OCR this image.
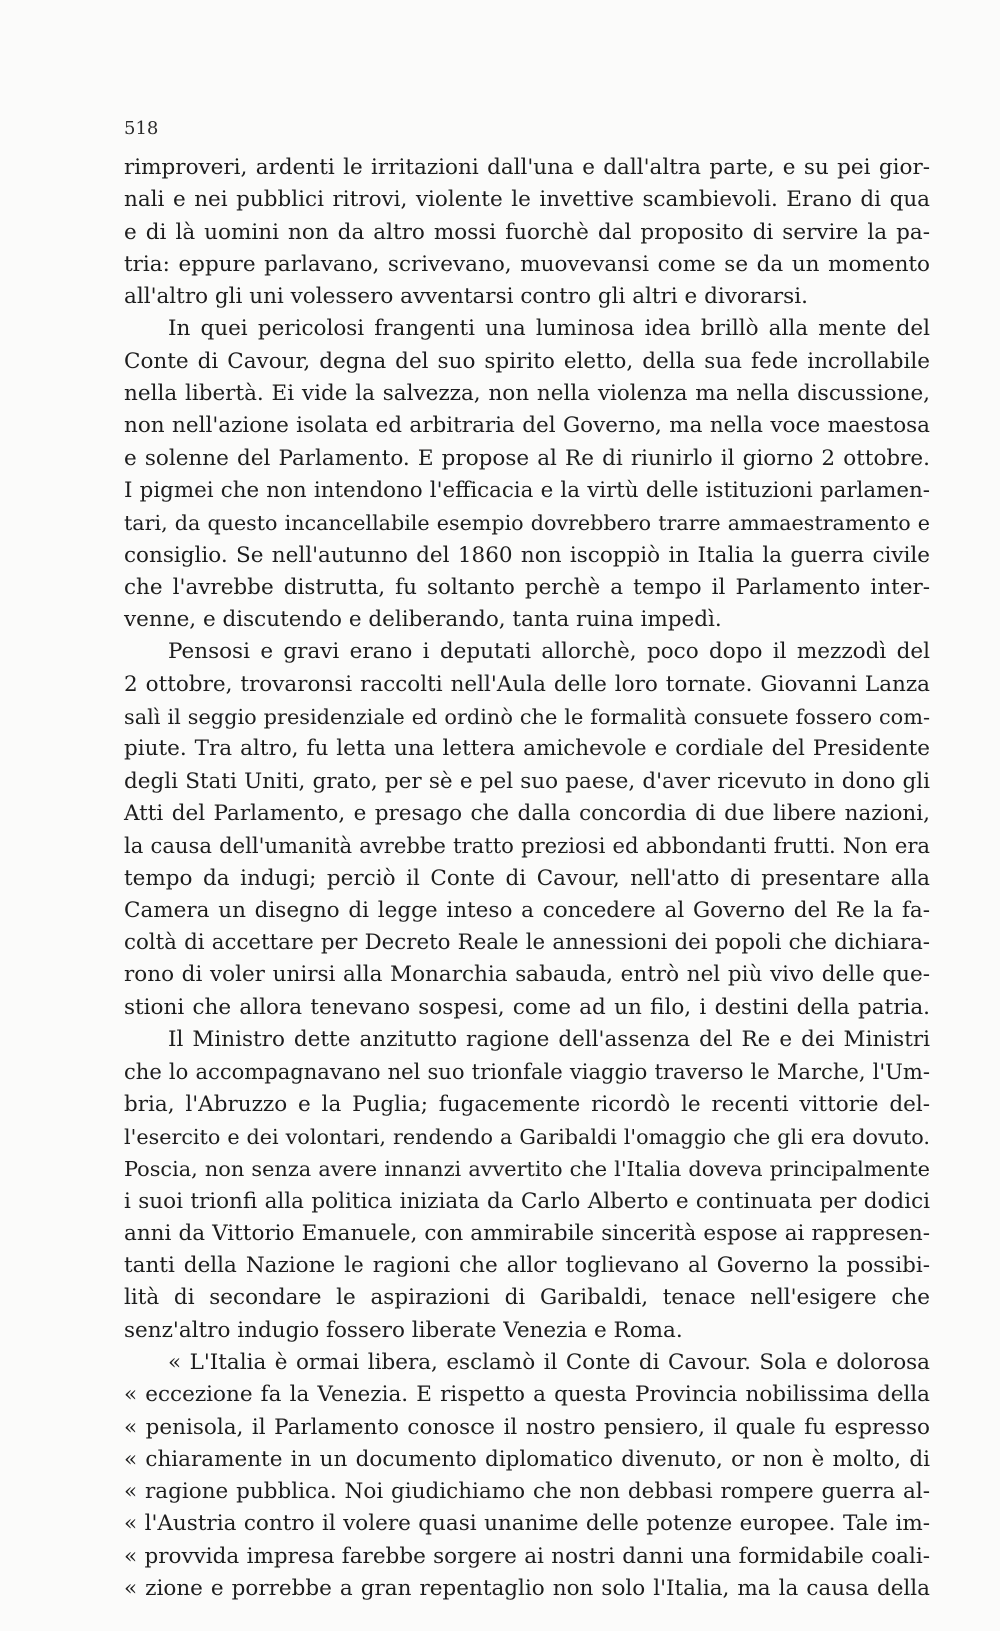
518
rimproveri, ardenti le irritazioni dall'una e dall'altra parte, e su pei gior-
nali e nei pubblici ritrovi, violente le invettive scambievoli. Erano di qua
e di là uomini non da altro mossi fuorchè dal proposito di servire la pa-
tria: eppure parlavano, scrivevano, muovevansi come se da un momento
all'altro gli uni volessero avventarsi contro gli altri e divorarsi.
In quei pericolosi frangenti una luminosa idea brillò alla mente del
Conte di Cavour, degna del suo spirito eletto, della sua fede incrollabile
nella libertà. Ei vide la salvezza, non nella violenza ma nella discussione,
non nell'azione isolata ed arbitraria del Governo, ma nella voce maestosa
e solenne del Parlamento. E propose al Re di riunirlo il giorno 2 ottobre.
I pigmei che non intendono l'efficacia e la virtù delle istituzioni parlamen-
tari, da questo incancellabile esempio dovrebbero trarre ammaestramento e
consiglio. Se nell'autunno del 1860 non iscoppiò in Italia la guerra civile
che l'avrebbe distrutta, fu soltanto perchè a tempo il Parlamento inter-
venne, e discutendo e deliberando, tanta ruina impedì.
Pensosi e gravi erano i deputati allorchè, poco dopo il mezzodì del
2 ottobre, trovaronsi raccolti nell'Aula delle loro tornate. Giovanni Lanza
salì il seggio presidenziale ed ordinò che le formalità consuete fossero com-
piute. Tra altro, fu letta una lettera amichevole e cordiale del Presidente
degli Stati Uniti, grato, per sè e pel suo paese, d'aver ricevuto in dono gli
Atti del Parlamento, e presago che dalla concordia di due libere nazioni,
la causa dell'umanità avrebbe tratto preziosi ed abbondanti frutti. Non era
tempo da indugi; perciò il Conte di Cavour, nell'atto di presentare alla
Camera un disegno di legge inteso a concedere al Governo del Re la fa-
coltà di accettare per Decreto Reale le annessioni dei popoli che dichiara-
rono di voler unirsi alla Monarchia sabauda, entrò nel più vivo delle que-
stioni che allora tenevano sospesi, come ad un filo, i destini della patria.
Il Ministro dette anzitutto ragione dell'assenza del Re e dei Ministri
che lo accompagnavano nel suo trionfale viaggio traverso le Marche, l'Um-
bria, l'Abruzzo e la Puglia; fugacemente ricordò le recenti vittorie del-
l'esercito e dei volontari, rendendo a Garibaldi l'omaggio che gli era dovuto.
Poscia, non senza avere innanzi avvertito che l'Italia doveva principalmente
i suoi trionfi alla politica iniziata da Carlo Alberto e continuata per dodici
anni da Vittorio Emanuele, con ammirabile sincerità espose ai rappresen-
tanti della Nazione le ragioni che allor toglievano al Governo la possibi-
lità di secondare le aspirazioni di Garibaldi, tenace nell'esigere che
senz'altro indugio fossero liberate Venezia e Roma.
« L'Italia è ormai libera, esclamò il Conte di Cavour. Sola e dolorosa
« eccezione fa la Venezia. E rispetto a questa Provincia nobilissima della
« penisola, il Parlamento conosce il nostro pensiero, il quale fu espresso
« chiaramente in un documento diplomatico divenuto, or non è molto, di
« ragione pubblica. Noi giudichiamo che non debbasi rompere guerra al-
« l'Austria contro il volere quasi unanime delle potenze europee. Tale im-
« provvida impresa farebbe sorgere ai nostri danni una formidabile coali-
« zione e porrebbe a gran repentaglio non solo l'Italia, ma la causa della
